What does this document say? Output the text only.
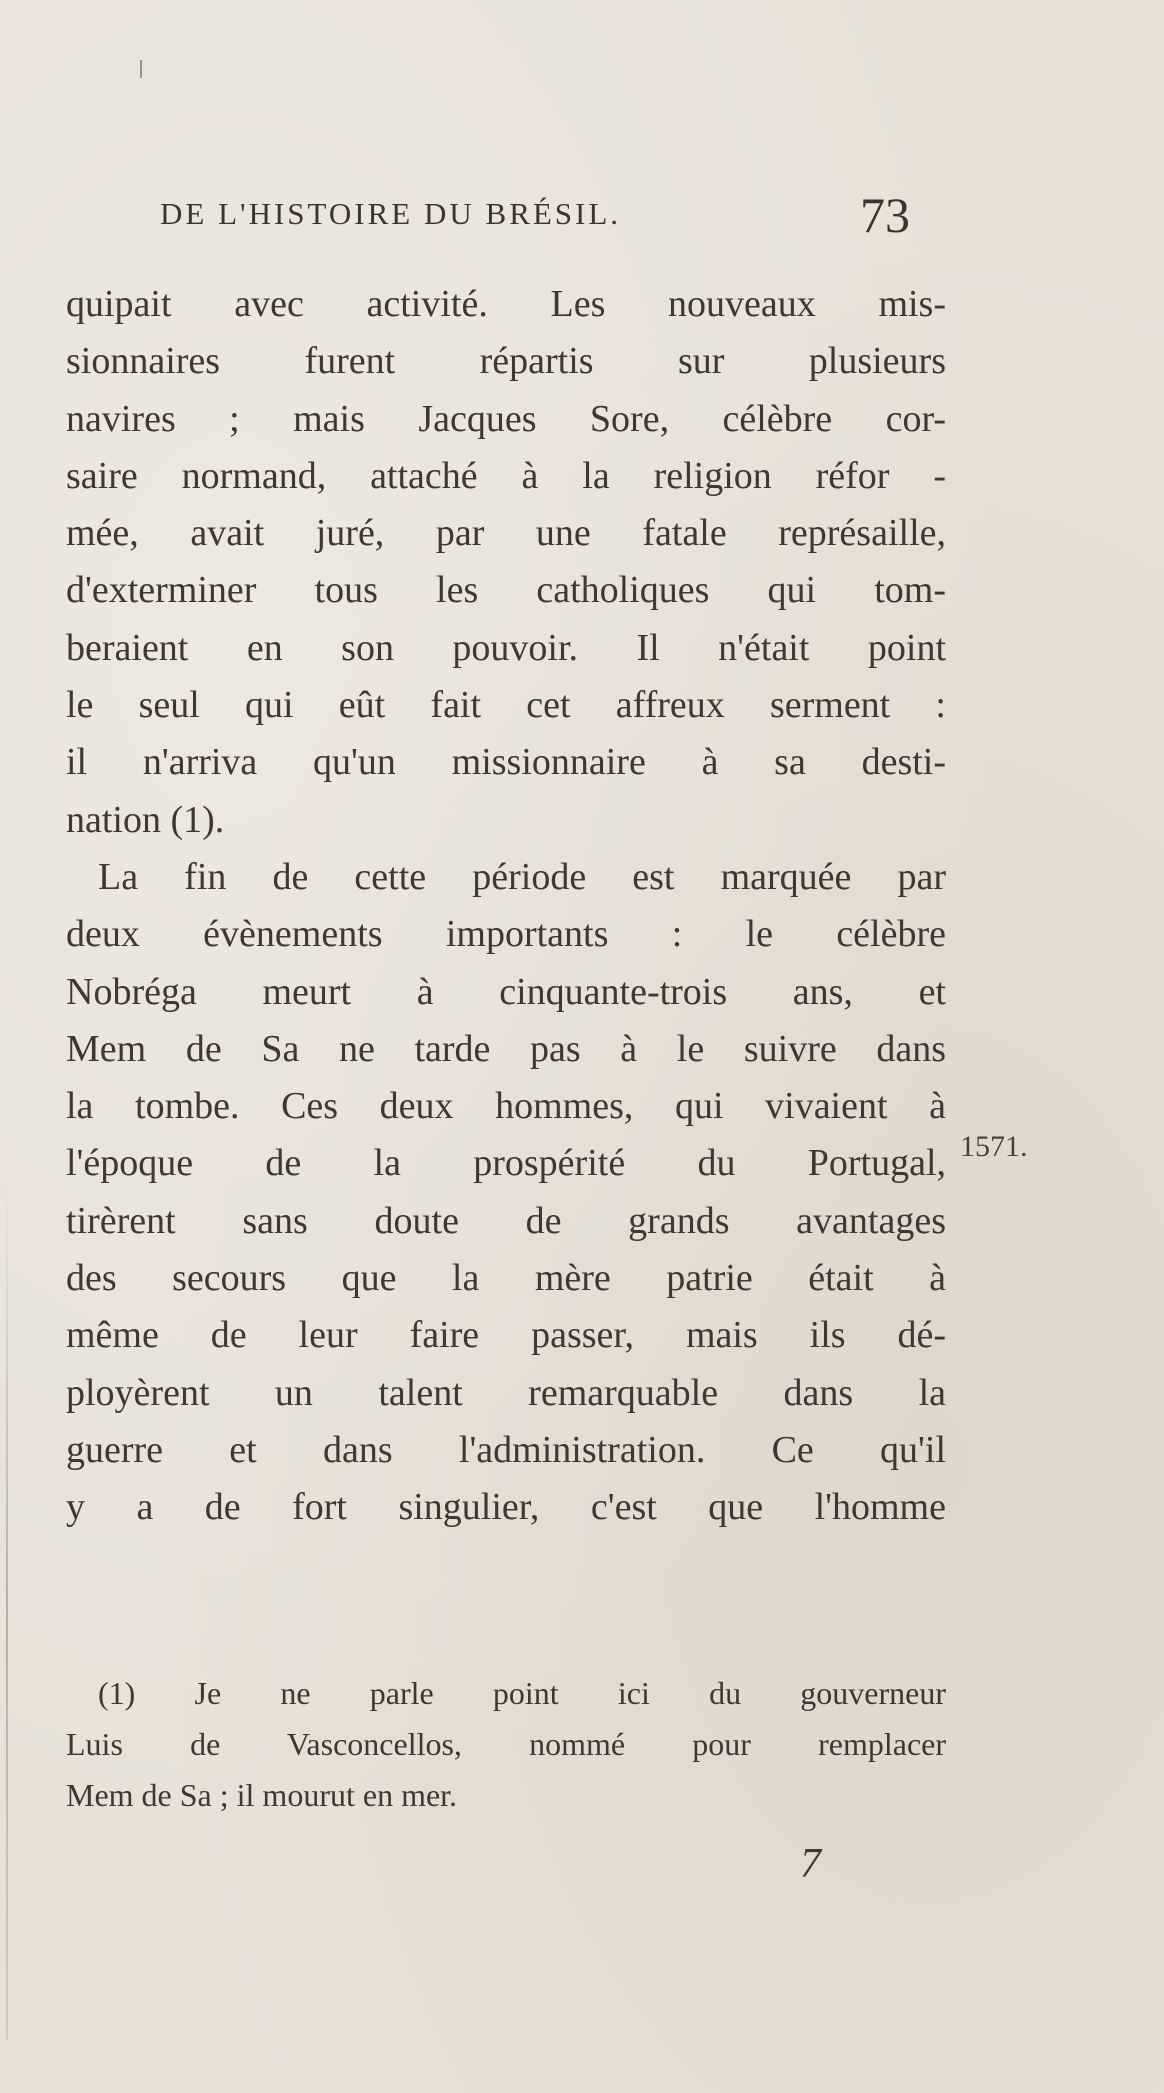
DE L'HISTOIRE DU BRÉSIL.	73
quipait avec activité. Les nouveaux mis-
sionnaires furent répartis sur plusieurs
navires ; mais Jacques Sore, célèbre cor-
saire normand, attaché à la religion réfor -
mée, avait juré, par une fatale représaille,
d'exterminer tous les catholiques qui tom-
beraient en son pouvoir. Il n'était point
le seul qui eût fait cet affreux serment :
il n'arriva qu'un missionnaire à sa desti-
nation (1).
La fin de cette période est marquée par
deux évènements importants : le célèbre
Nobréga meurt à cinquante-trois ans, et
Mem de Sa ne tarde pas à le suivre dans
la tombe. Ces deux hommes, qui vivaient à
l'époque de la prospérité du Portugal,
tirèrent sans doute de grands avantages
des secours que la mère patrie était à
même de leur faire passer, mais ils dé-
ployèrent un talent remarquable dans la
guerre et dans l'administration. Ce qu'il
y a de fort singulier, c'est que l'homme
1571.
(1) Je ne parle point ici du gouverneur
Luis de Vasconcellos, nommé pour remplacer
Mem de Sa ; il mourut en mer.
7
